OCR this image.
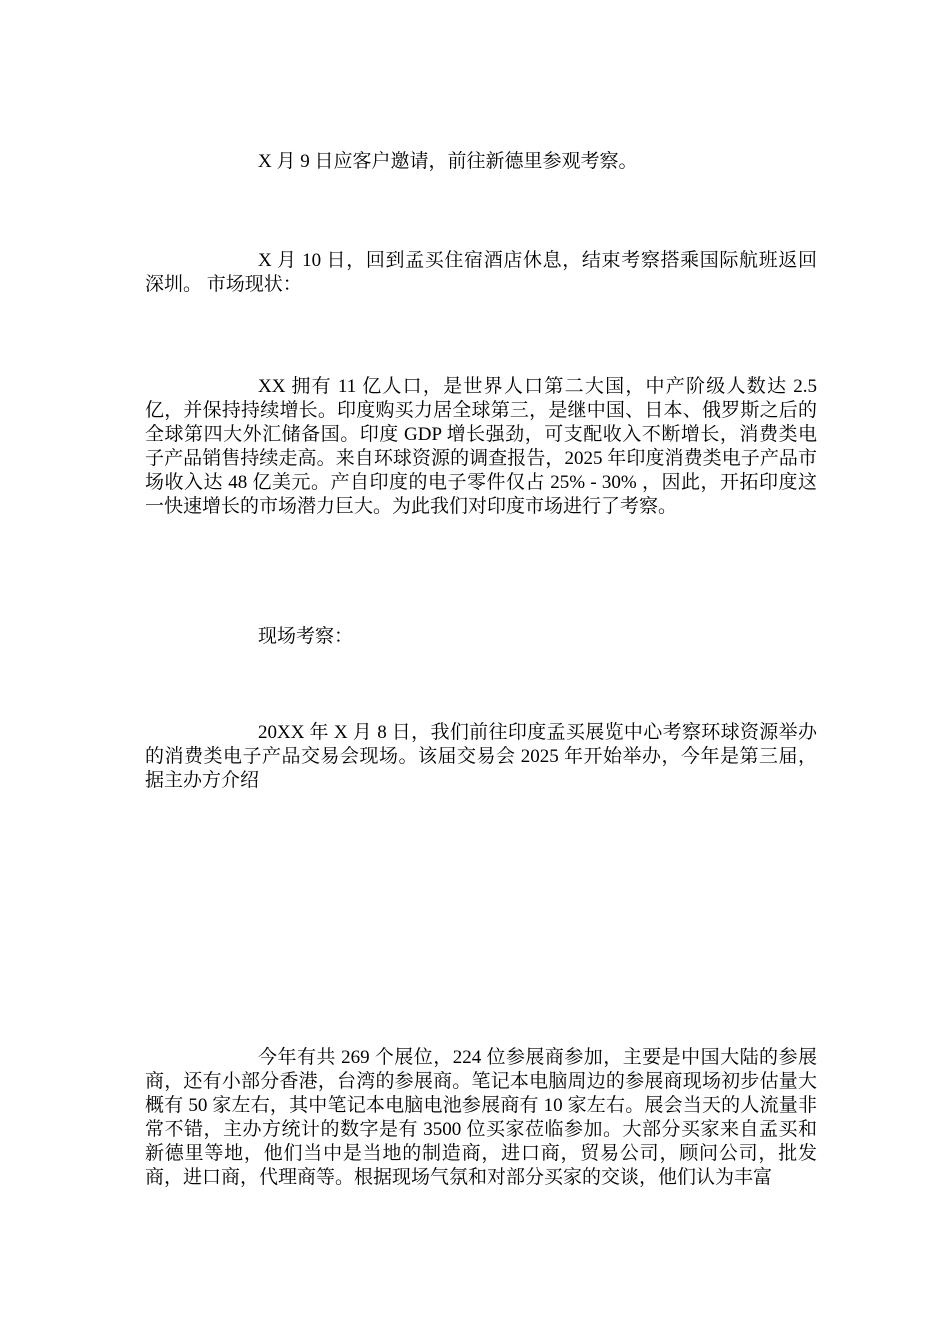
X 月 9 日应客户邀请，前往新德里参观考察。

X 月 10 日，回到孟买住宿酒店休息，结束考察搭乘国际航班返回深圳。 市场现状：

XX 拥有 11 亿人口，是世界人口第二大国，中产阶级人数达 2.5 亿，并保持持续增长。印度购买力居全球第三，是继中国、日本、俄罗斯之后的全球第四大外汇储备国。印度 GDP 增长强劲，可支配收入不断增长，消费类电子产品销售持续走高。来自环球资源的调查报告，2025 年印度消费类电子产品市场收入达 48 亿美元。产自印度的电子零件仅占 25% - 30% ，因此，开拓印度这一快速增长的市场潜力巨大。为此我们对印度市场进行了考察。

现场考察：

20XX 年 X 月 8 日，我们前往印度孟买展览中心考察环球资源举办的消费类电子产品交易会现场。该届交易会 2025 年开始举办，今年是第三届，据主办方介绍

今年有共 269 个展位，224 位参展商参加，主要是中国大陆的参展商，还有小部分香港，台湾的参展商。笔记本电脑周边的参展商现场初步估量大概有 50 家左右，其中笔记本电脑电池参展商有 10 家左右。展会当天的人流量非常不错，主办方统计的数字是有 3500 位买家莅临参加。大部分买家来自孟买和新德里等地，他们当中是当地的制造商，进口商，贸易公司，顾问公司，批发商，进口商，代理商等。根据现场气氛和对部分买家的交谈，他们认为丰富
